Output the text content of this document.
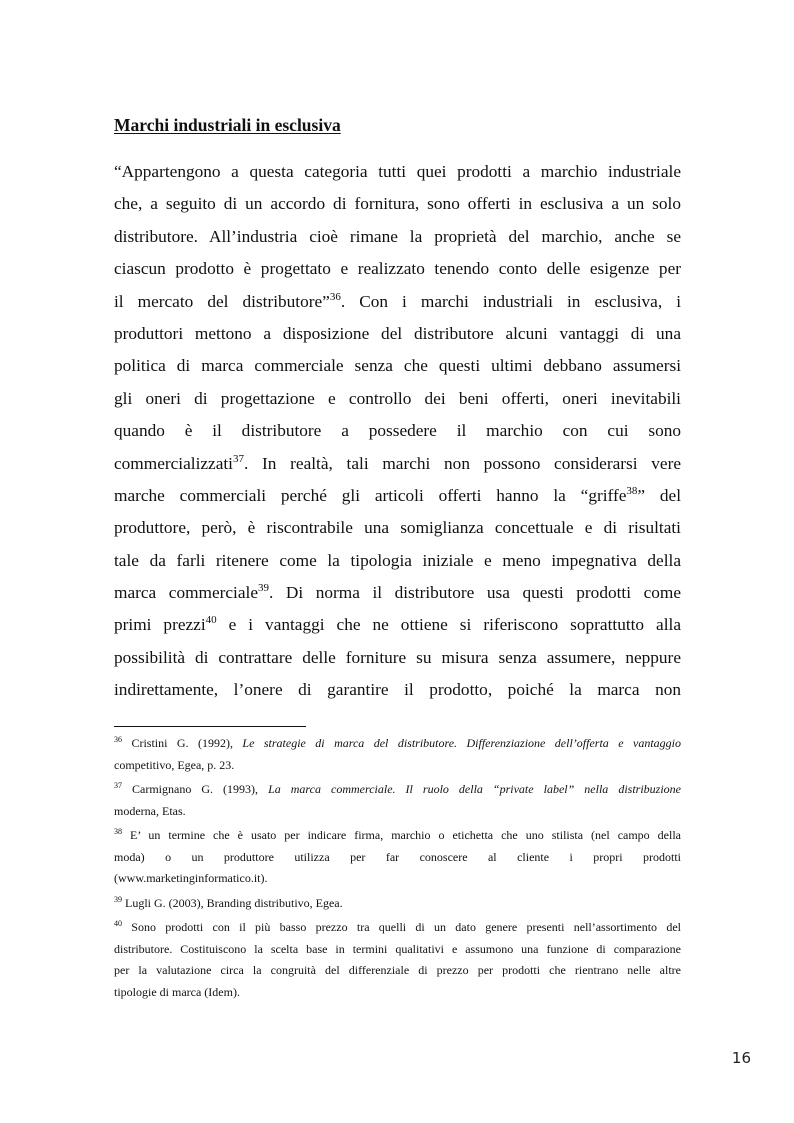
Marchi industriali in esclusiva
“Appartengono a questa categoria tutti quei prodotti a marchio industriale
che, a seguito di un accordo di fornitura, sono offerti in esclusiva a un solo
distributore. All’industria cioè rimane la proprietà del marchio, anche se
ciascun prodotto è progettato e realizzato tenendo conto delle esigenze per
il mercato del distributore”$^{36}$. Con i marchi industriali in esclusiva, i
produttori mettono a disposizione del distributore alcuni vantaggi di una
politica di marca commerciale senza che questi ultimi debbano assumersi
gli oneri di progettazione e controllo dei beni offerti, oneri inevitabili
quando è il distributore a possedere il marchio con cui sono
commercializzati$^{37}$. In realtà, tali marchi non possono considerarsi vere
marche commerciali perché gli articoli offerti hanno la “griffe$^{38}$” del
produttore, però, è riscontrabile una somiglianza concettuale e di risultati
tale da farli ritenere come la tipologia iniziale e meno impegnativa della
marca commerciale$^{39}$. Di norma il distributore usa questi prodotti come
primi prezzi$^{40}$ e i vantaggi che ne ottiene si riferiscono soprattutto alla
possibilità di contrattare delle forniture su misura senza assumere, neppure
indirettamente, l’onere di garantire il prodotto, poiché la marca non
$^{36}$ Cristini G. (1992), Le strategie di marca del distributore. Differenziazione dell’offerta e vantaggio
competitivo, Egea, p. 23.
$^{37}$ Carmignano G. (1993), La marca commerciale. Il ruolo della “private label” nella distribuzione
moderna, Etas.
$^{38}$ E’ un termine che è usato per indicare firma, marchio o etichetta che uno stilista (nel campo della
moda) o un produttore utilizza per far conoscere al cliente i propri prodotti
(www.marketinginformatico.it).
$^{39}$ Lugli G. (2003), Branding distributivo, Egea.
$^{40}$ Sono prodotti con il più basso prezzo tra quelli di un dato genere presenti nell’assortimento del
distributore. Costituiscono la scelta base in termini qualitativi e assumono una funzione di comparazione
per la valutazione circa la congruità del differenziale di prezzo per prodotti che rientrano nelle altre
tipologie di marca (Idem).
16
